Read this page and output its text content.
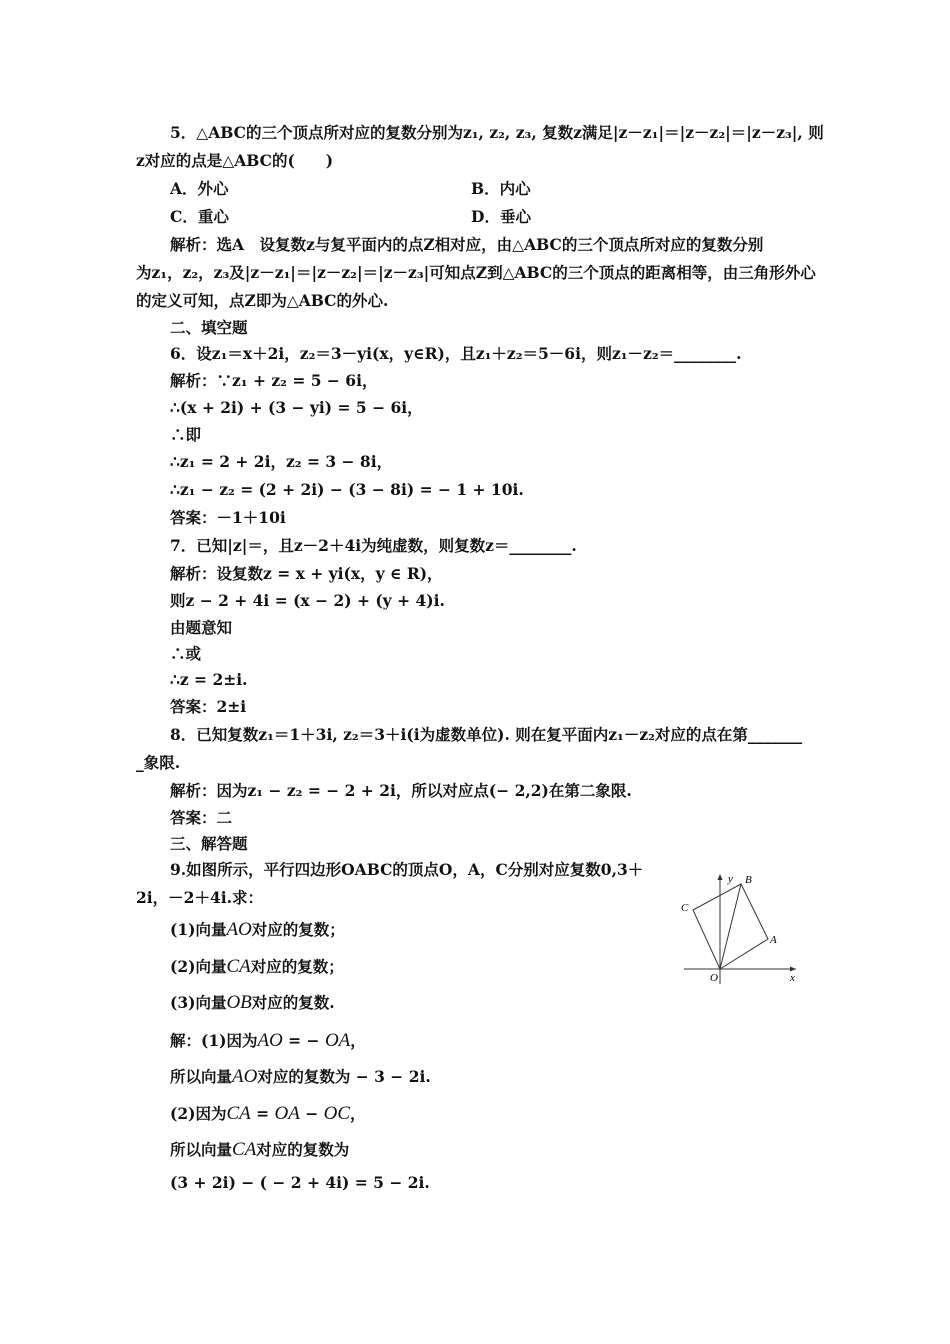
5．△ABC的三个顶点所对应的复数分别为z₁, z₂, z₃, 复数z满足|z－z₁|＝|z－z₂|＝|z－z₃|, 则
z对应的点是△ABC的(　　)
A．外心	B．内心
C．重心	D．垂心
解析：选A　设复数z与复平面内的点Z相对应，由△ABC的三个顶点所对应的复数分别
为z₁，z₂，z₃及|z－z₁|＝|z－z₂|＝|z－z₃|可知点Z到△ABC的三个顶点的距离相等，由三角形外心
的定义可知，点Z即为△ABC的外心.
二、填空题
6．设z₁＝x＋2i，z₂＝3－yi(x，y∈R)，且z₁＋z₂＝5－6i，则z₁－z₂＝________.
解析：∵z₁ + z₂ = 5 − 6i，
∴(x + 2i) + (3 − yi) = 5 − 6i，
∴即
∴z₁ = 2 + 2i，z₂ = 3 − 8i，
∴z₁ − z₂ = (2 + 2i) − (3 − 8i) = − 1 + 10i.
答案：－1＋10i
7．已知|z|＝，且z－2＋4i为纯虚数，则复数z＝________.
解析：设复数z = x + yi(x，y ∈ R)，
则z − 2 + 4i = (x − 2) + (y + 4)i.
由题意知
∴或
∴z = 2±i.
答案：2±i
8．已知复数z₁＝1＋3i, z₂＝3＋i(i为虚数单位). 则在复平面内z₁－z₂对应的点在第_______
_象限.
解析：因为z₁ − z₂ = − 2 + 2i，所以对应点(− 2,2)在第二象限.
答案：二
三、解答题
9.如图所示，平行四边形OABC的顶点O，A，C分别对应复数0,3＋
2i，－2＋4i.求：
(1)向量AO对应的复数；
(2)向量CA对应的复数；
(3)向量OB对应的复数.
解：(1)因为AO = − OA，
所以向量AO对应的复数为 − 3 − 2i.
(2)因为CA = OA − OC，
所以向量CA对应的复数为
(3 + 2i) − ( − 2 + 4i) = 5 − 2i.
y B
C
A
O	x
